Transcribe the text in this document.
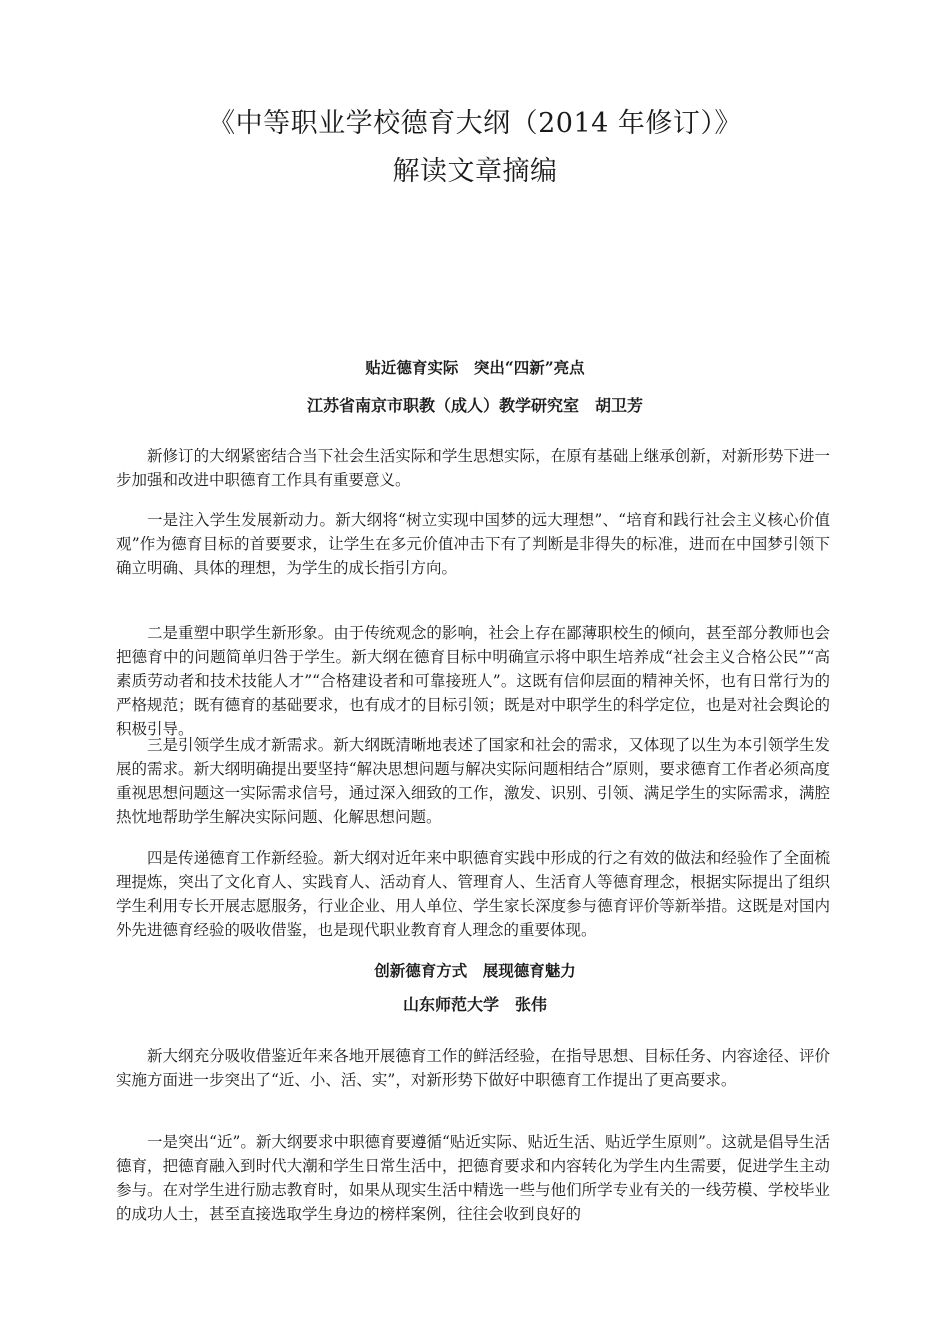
《中等职业学校德育大纲（2014 年修订）》
解读文章摘编
贴近德育实际　突出“四新”亮点
江苏省南京市职教（成人）教学研究室　胡卫芳

新修订的大纲紧密结合当下社会生活实际和学生思想实际，在原有基础上继承创新，对新形势下进一步加强和改进中职德育工作具有重要意义。

一是注入学生发展新动力。新大纲将“树立实现中国梦的远大理想”、“培育和践行社会主义核心价值观”作为德育目标的首要要求，让学生在多元价值冲击下有了判断是非得失的标准，进而在中国梦引领下确立明确、具体的理想，为学生的成长指引方向。

二是重塑中职学生新形象。由于传统观念的影响，社会上存在鄙薄职校生的倾向，甚至部分教师也会把德育中的问题简单归咎于学生。新大纲在德育目标中明确宣示将中职生培养成“社会主义合格公民”“高素质劳动者和技术技能人才”“合格建设者和可靠接班人”。这既有信仰层面的精神关怀，也有日常行为的严格规范；既有德育的基础要求，也有成才的目标引领；既是对中职学生的科学定位，也是对社会舆论的积极引导。

三是引领学生成才新需求。新大纲既清晰地表述了国家和社会的需求，又体现了以生为本引领学生发展的需求。新大纲明确提出要坚持“解决思想问题与解决实际问题相结合”原则，要求德育工作者必须高度重视思想问题这一实际需求信号，通过深入细致的工作，激发、识别、引领、满足学生的实际需求，满腔热忱地帮助学生解决实际问题、化解思想问题。

四是传递德育工作新经验。新大纲对近年来中职德育实践中形成的行之有效的做法和经验作了全面梳理提炼，突出了文化育人、实践育人、活动育人、管理育人、生活育人等德育理念，根据实际提出了组织学生利用专长开展志愿服务，行业企业、用人单位、学生家长深度参与德育评价等新举措。这既是对国内外先进德育经验的吸收借鉴，也是现代职业教育育人理念的重要体现。

创新德育方式　展现德育魅力
山东师范大学　张伟

新大纲充分吸收借鉴近年来各地开展德育工作的鲜活经验，在指导思想、目标任务、内容途径、评价实施方面进一步突出了“近、小、活、实”，对新形势下做好中职德育工作提出了更高要求。

一是突出“近”。新大纲要求中职德育要遵循“贴近实际、贴近生活、贴近学生原则”。这就是倡导生活德育，把德育融入到时代大潮和学生日常生活中，把德育要求和内容转化为学生内生需要，促进学生主动参与。在对学生进行励志教育时，如果从现实生活中精选一些与他们所学专业有关的一线劳模、学校毕业的成功人士，甚至直接选取学生身边的榜样案例，往往会收到良好的
